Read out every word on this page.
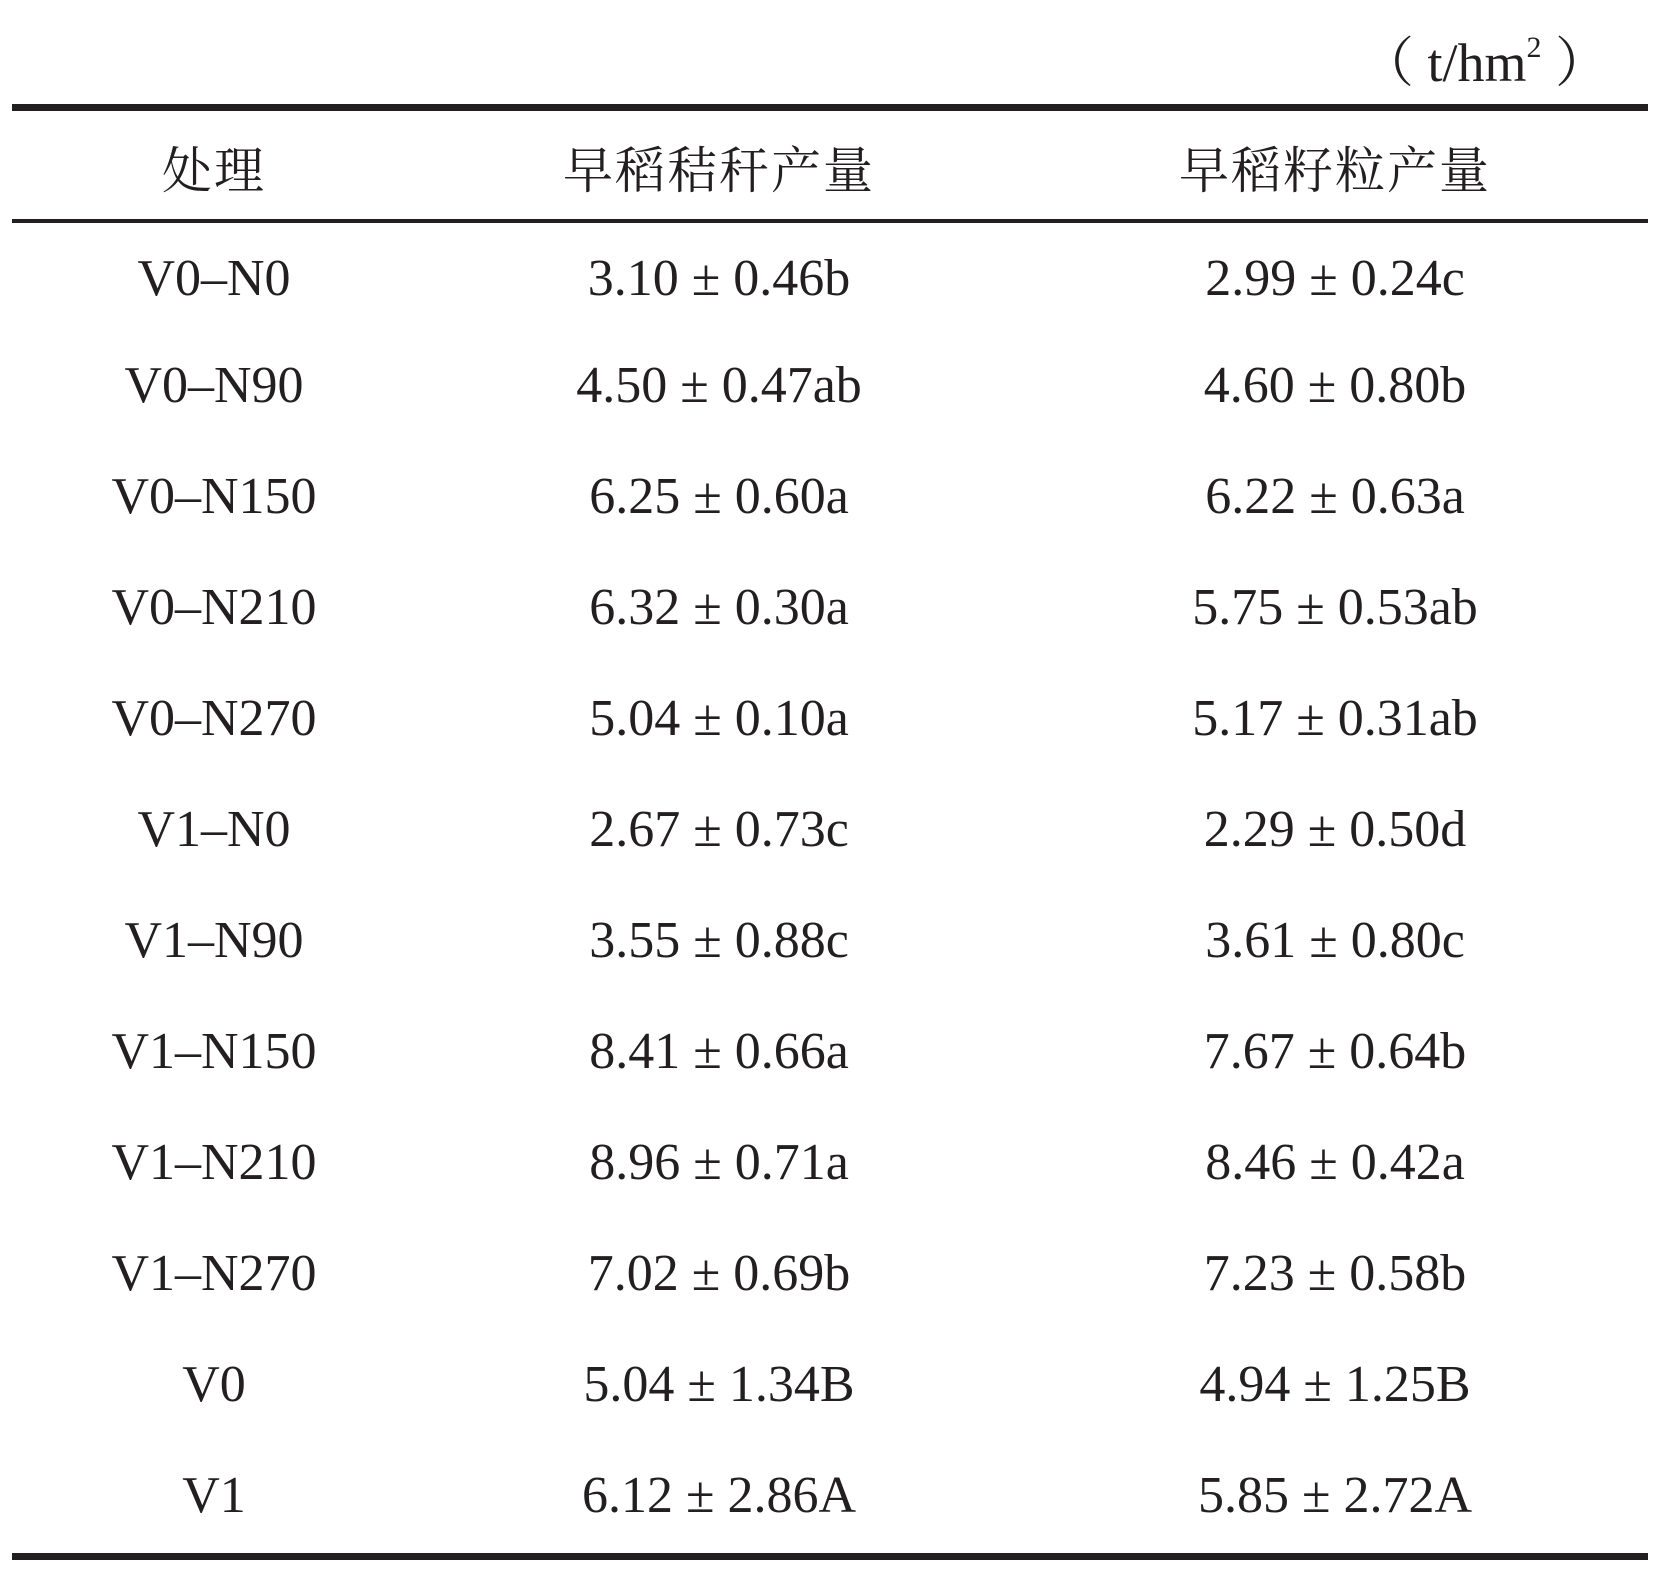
（ $t/hm^2$ ）
处理	早稻秸秆产量	早稻籽粒产量
V0–N0	3.10 ± 0.46b	2.99 ± 0.24c
V0–N90	4.50 ± 0.47ab	4.60 ± 0.80b
V0–N150	6.25 ± 0.60a	6.22 ± 0.63a
V0–N210	6.32 ± 0.30a	5.75 ± 0.53ab
V0–N270	5.04 ± 0.10a	5.17 ± 0.31ab
V1–N0	2.67 ± 0.73c	2.29 ± 0.50d
V1–N90	3.55 ± 0.88c	3.61 ± 0.80c
V1–N150	8.41 ± 0.66a	7.67 ± 0.64b
V1–N210	8.96 ± 0.71a	8.46 ± 0.42a
V1–N270	7.02 ± 0.69b	7.23 ± 0.58b
V0	5.04 ± 1.34B	4.94 ± 1.25B
V1	6.12 ± 2.86A	5.85 ± 2.72A
